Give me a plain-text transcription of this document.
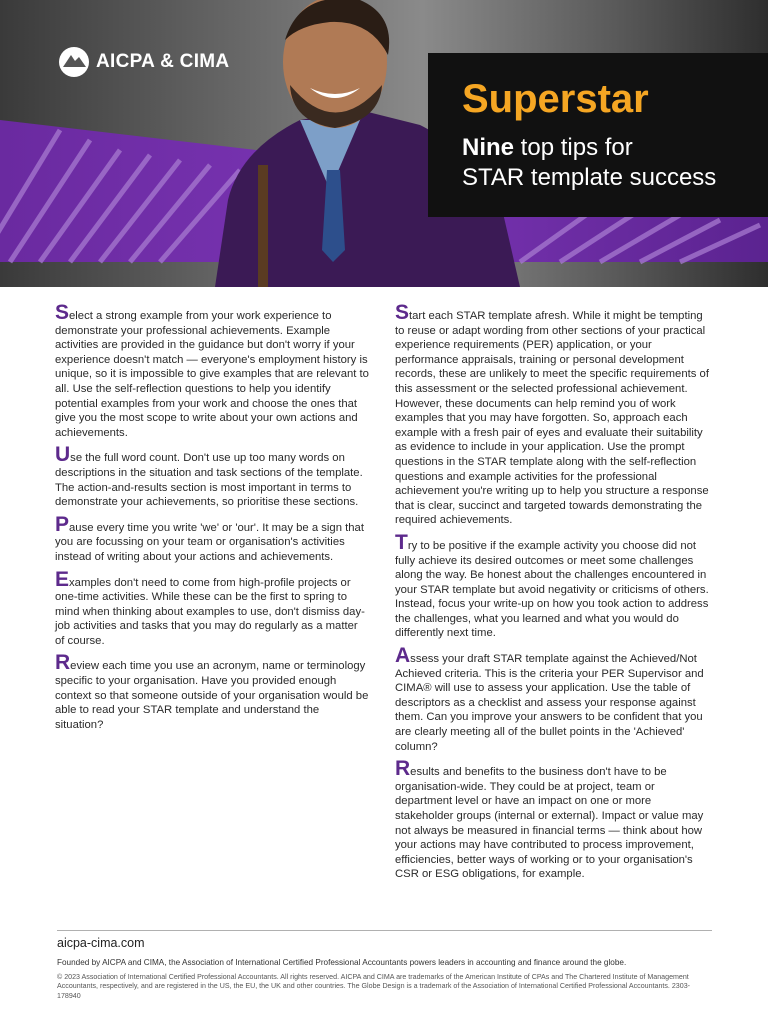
AICPA & CIMA
Superstar

Nine top tips for
STAR template success

Select a strong example from your work experience to demonstrate your professional achievements. Example activities are provided in the guidance but don't worry if your experience doesn't match — everyone's employment history is unique, so it is impossible to give examples that are relevant to all. Use the self-reflection questions to help you identify potential examples from your work and choose the ones that give you the most scope to write about your own actions and achievements.

Use the full word count. Don't use up too many words on descriptions in the situation and task sections of the template. The action-and-results section is most important in terms to demonstrate your achievements, so prioritise these sections.

Pause every time you write 'we' or 'our'. It may be a sign that you are focussing on your team or organisation's activities instead of writing about your actions and achievements.

Examples don't need to come from high-profile projects or one-time activities. While these can be the first to spring to mind when thinking about examples to use, don't dismiss day-job activities and tasks that you may do regularly as a matter of course.

Review each time you use an acronym, name or terminology specific to your organisation. Have you provided enough context so that someone outside of your organisation would be able to read your STAR template and understand the situation?

Start each STAR template afresh. While it might be tempting to reuse or adapt wording from other sections of your practical experience requirements (PER) application, or your performance appraisals, training or personal development records, these are unlikely to meet the specific requirements of this assessment or the selected professional achievement. However, these documents can help remind you of work examples that you may have forgotten. So, approach each example with a fresh pair of eyes and evaluate their suitability as evidence to include in your application. Use the prompt questions in the STAR template along with the self-reflection questions and example activities for the professional achievement you're writing up to help you structure a response that is clear, succinct and targeted towards demonstrating the required achievements.

Try to be positive if the example activity you choose did not fully achieve its desired outcomes or meet some challenges along the way. Be honest about the challenges encountered in your STAR template but avoid negativity or criticisms of others. Instead, focus your write-up on how you took action to address the challenges, what you learned and what you would do differently next time.

Assess your draft STAR template against the Achieved/Not Achieved criteria. This is the criteria your PER Supervisor and CIMA® will use to assess your application. Use the table of descriptors as a checklist and assess your response against them. Can you improve your answers to be confident that you are clearly meeting all of the bullet points in the 'Achieved' column?

Results and benefits to the business don't have to be organisation-wide. They could be at project, team or department level or have an impact on one or more stakeholder groups (internal or external). Impact or value may not always be measured in financial terms — think about how your actions may have contributed to process improvement, efficiencies, better ways of working or to your organisation's CSR or ESG obligations, for example.

aicpa-cima.com

Founded by AICPA and CIMA, the Association of International Certified Professional Accountants powers leaders in accounting and finance around the globe.

© 2023 Association of International Certified Professional Accountants. All rights reserved. AICPA and CIMA are trademarks of the American Institute of CPAs and The Chartered Institute of Management Accountants, respectively, and are registered in the US, the EU, the UK and other countries. The Globe Design is a trademark of the Association of International Certified Professional Accountants. 2303-178940
